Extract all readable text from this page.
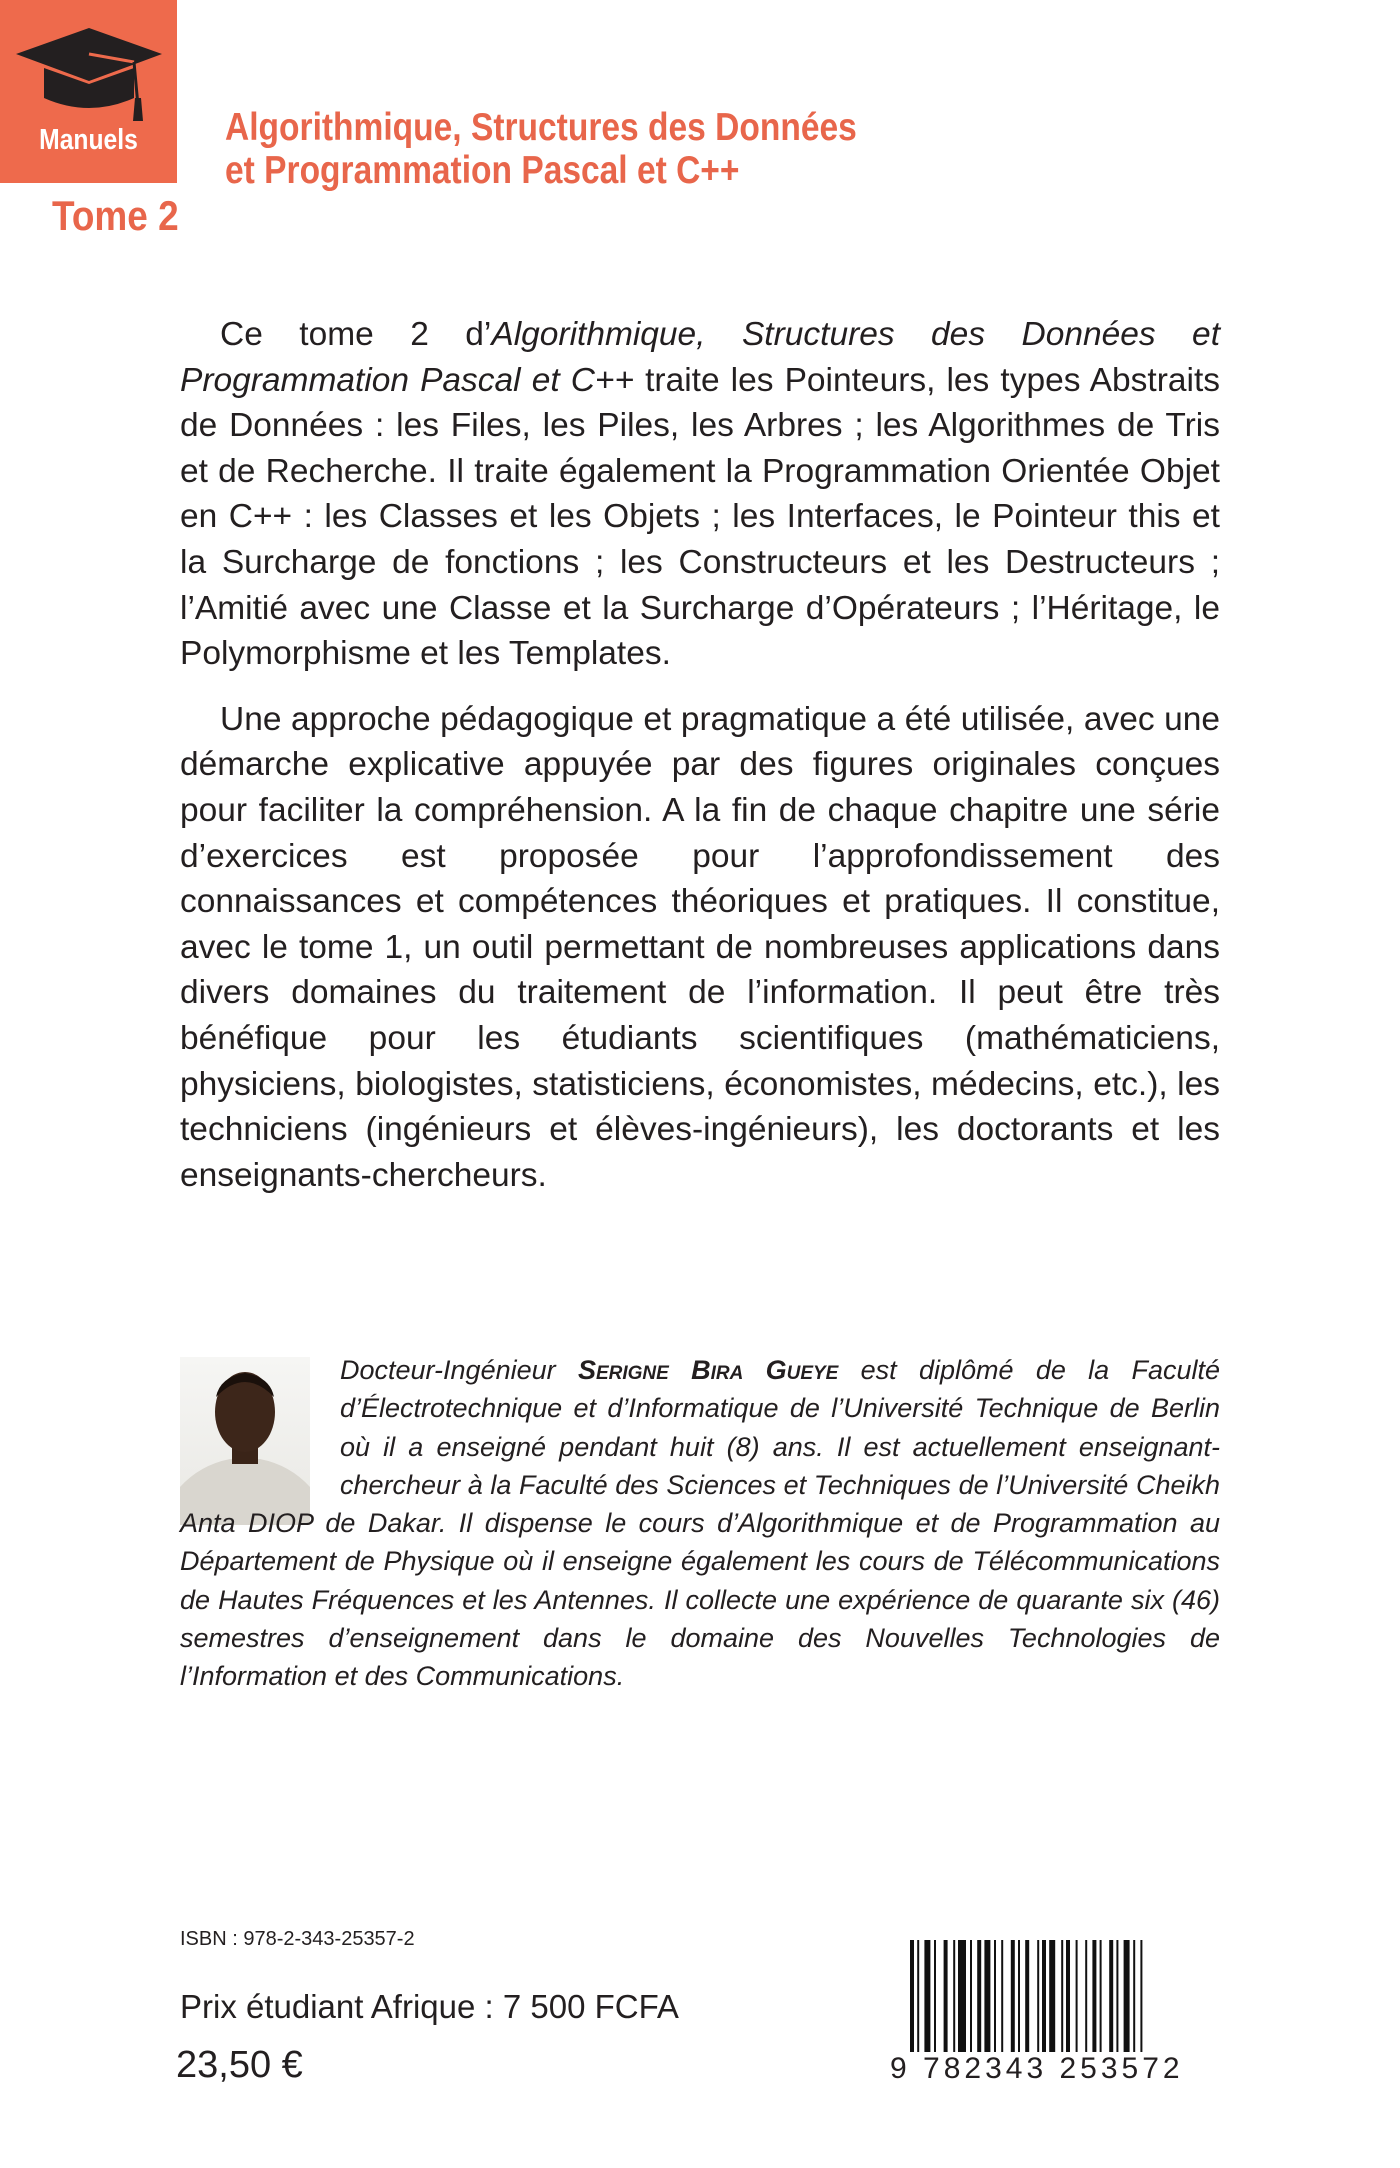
Manuels
Tome 2
Algorithmique, Structures des Données
et Programmation Pascal et C++

Ce tome 2 d’Algorithmique, Structures des Données et Programmation Pascal et C++ traite les Pointeurs, les types Abstraits de Données : les Files, les Piles, les Arbres ; les Algorithmes de Tris et de Recherche. Il traite également la Programmation Orientée Objet en C++ : les Classes et les Objets ; les Interfaces, le Pointeur this et la Surcharge de fonctions ; les Constructeurs et les Destructeurs ; l’Amitié avec une Classe et la Surcharge d’Opérateurs ; l’Héritage, le Polymorphisme et les Templates.

Une approche pédagogique et pragmatique a été utilisée, avec une démarche explicative appuyée par des figures originales conçues pour faciliter la compréhension. A la fin de chaque chapitre une série d’exercices est proposée pour l’approfondissement des connaissances et compétences théoriques et pratiques. Il constitue, avec le tome 1, un outil permettant de nombreuses applications dans divers domaines du traitement de l’information. Il peut être très bénéfique pour les étudiants scientifiques (mathématiciens, physiciens, biologistes, statisticiens, économistes, médecins, etc.), les techniciens (ingénieurs et élèves-ingénieurs), les doctorants et les enseignants-chercheurs.

Docteur-Ingénieur Serigne Bira Gueye est diplômé de la Faculté d’Électrotechnique et d’Informatique de l’Université Technique de Berlin où il a enseigné pendant huit (8) ans. Il est actuellement enseignant-chercheur à la Faculté des Sciences et Techniques de l’Université Cheikh Anta DIOP de Dakar. Il dispense le cours d’Algorithmique et de Programmation au Département de Physique où il enseigne également les cours de Télécommunications de Hautes Fréquences et les Antennes. Il collecte une expérience de quarante six (46) semestres d’enseignement dans le domaine des Nouvelles Technologies de l’Information et des Communications.
ISBN : 978-2-343-25357-2
Prix étudiant Afrique : 7 500 FCFA
23,50 €	9 782343 253572
